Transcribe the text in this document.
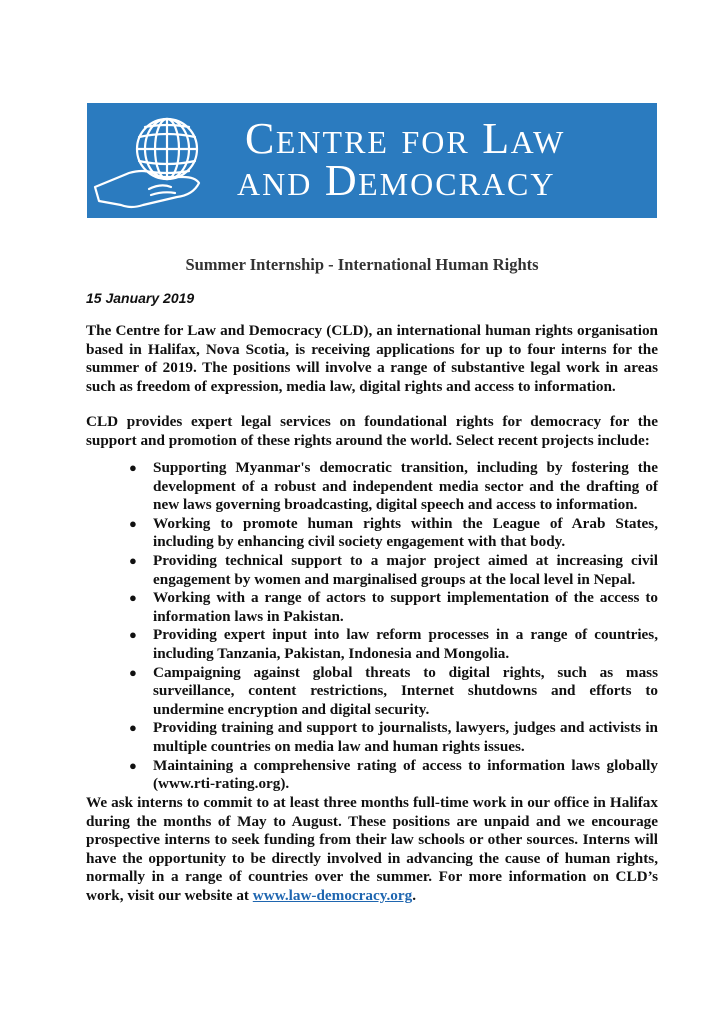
CENTRE FOR LAW
AND DEMOCRACY
Summer Internship - International Human Rights
15 January 2019

The Centre for Law and Democracy (CLD), an international human rights organisation based in Halifax, Nova Scotia, is receiving applications for up to four interns for the summer of 2019. The positions will involve a range of substantive legal work in areas such as freedom of expression, media law, digital rights and access to information.

CLD provides expert legal services on foundational rights for democracy for the support and promotion of these rights around the world. Select recent projects include:

● Supporting Myanmar's democratic transition, including by fostering the development of a robust and independent media sector and the drafting of new laws governing broadcasting, digital speech and access to information.
● Working to promote human rights within the League of Arab States, including by enhancing civil society engagement with that body.
● Providing technical support to a major project aimed at increasing civil engagement by women and marginalised groups at the local level in Nepal.
● Working with a range of actors to support implementation of the access to information laws in Pakistan.
● Providing expert input into law reform processes in a range of countries, including Tanzania, Pakistan, Indonesia and Mongolia.
● Campaigning against global threats to digital rights, such as mass surveillance, content restrictions, Internet shutdowns and efforts to undermine encryption and digital security.
● Providing training and support to journalists, lawyers, judges and activists in multiple countries on media law and human rights issues.
● Maintaining a comprehensive rating of access to information laws globally (www.rti-rating.org).

We ask interns to commit to at least three months full-time work in our office in Halifax during the months of May to August. These positions are unpaid and we encourage prospective interns to seek funding from their law schools or other sources. Interns will have the opportunity to be directly involved in advancing the cause of human rights, normally in a range of countries over the summer. For more information on CLD’s work, visit our website at www.law-democracy.org.
